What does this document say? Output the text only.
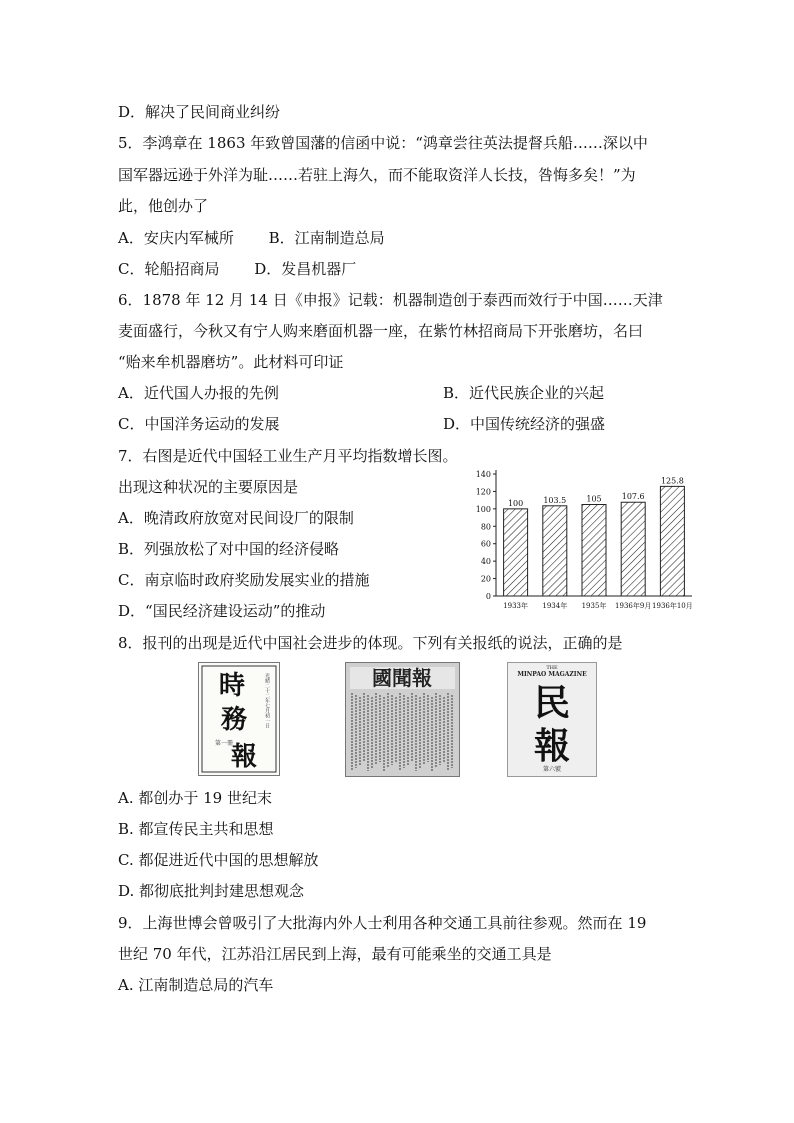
D．解决了民间商业纠纷
5．李鸿章在 1863 年致曾国藩的信函中说：“鸿章尝往英法提督兵船……深以中
国军器远逊于外洋为耻……若驻上海久，而不能取资洋人长技，咎悔多矣！”为
此，他创办了
A．安庆内军械所　　 B．江南制造总局
C．轮船招商局　　 D．发昌机器厂
6．1878 年 12 月 14 日《申报》记载：机器制造创于泰西而效行于中国……天津
麦面盛行，今秋又有宁人购来磨面机器一座，在紫竹林招商局下开张磨坊，名曰
“贻来牟机器磨坊”。此材料可印证
A．近代国人办报的先例	B．近代民族企业的兴起
C．中国洋务运动的发展	D．中国传统经济的强盛
7．右图是近代中国轻工业生产月平均指数增长图。
出现这种状况的主要原因是
A．晚清政府放宽对民间设厂的限制
B．列强放松了对中国的经济侵略
C．南京临时政府奖励发展实业的措施
D．“国民经济建设运动”的推动
8．报刊的出现是近代中国社会进步的体现。下列有关报纸的说法，正确的是
0
20
40
60
80
100
120
140
100
1933年
103.5
1934年
105
1935年
107.6
1936年9月
125.8
1936年10月
時
務
報
光緒二十二年七月初一日
第一冊
國聞報	THE
MINPAO MAGAZINE
民
報
第六號
A. 都创办于 19 世纪末
B. 都宣传民主共和思想
C. 都促进近代中国的思想解放
D. 都彻底批判封建思想观念
9．上海世博会曾吸引了大批海内外人士利用各种交通工具前往参观。然而在 19
世纪 70 年代，江苏沿江居民到上海，最有可能乘坐的交通工具是
A. 江南制造总局的汽车
